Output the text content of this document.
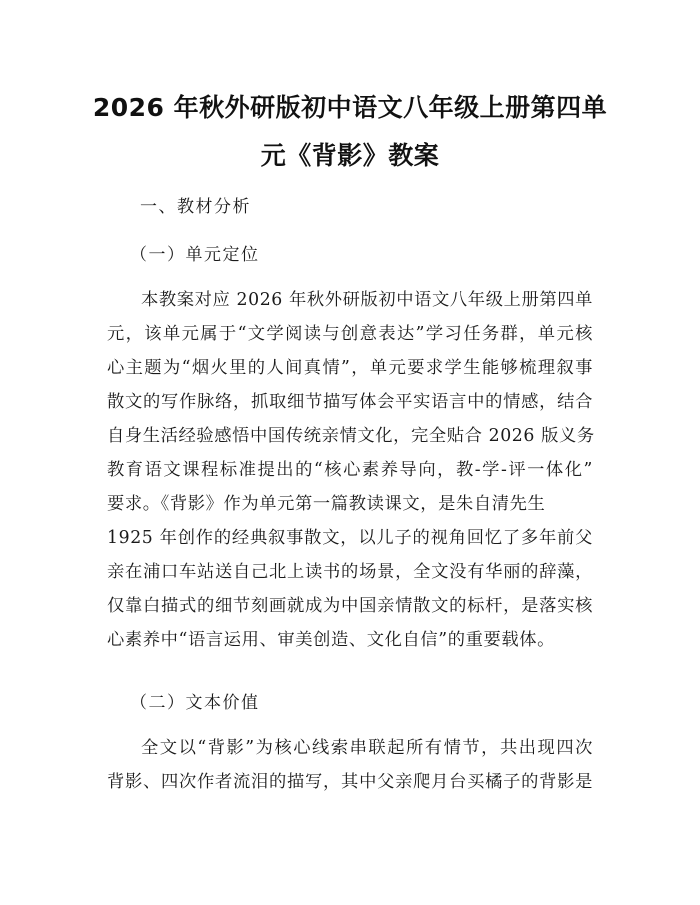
2026 年秋外研版初中语文八年级上册第四单
元《背影》教案
一、教材分析
（一）单元定位
本教案对应 2026 年秋外研版初中语文八年级上册第四单
元，该单元属于“文学阅读与创意表达”学习任务群，单元核
心主题为“烟火里的人间真情”，单元要求学生能够梳理叙事
散文的写作脉络，抓取细节描写体会平实语言中的情感，结合
自身生活经验感悟中国传统亲情文化，完全贴合 2026 版义务
教育语文课程标准提出的“核心素养导向，教-学-评一体化”
要求。《背影》作为单元第一篇教读课文，是朱自清先生
1925 年创作的经典叙事散文，以儿子的视角回忆了多年前父
亲在浦口车站送自己北上读书的场景，全文没有华丽的辞藻，
仅靠白描式的细节刻画就成为中国亲情散文的标杆，是落实核
心素养中“语言运用、审美创造、文化自信”的重要载体。
（二）文本价值
全文以“背影”为核心线索串联起所有情节，共出现四次
背影、四次作者流泪的描写，其中父亲爬月台买橘子的背影是
